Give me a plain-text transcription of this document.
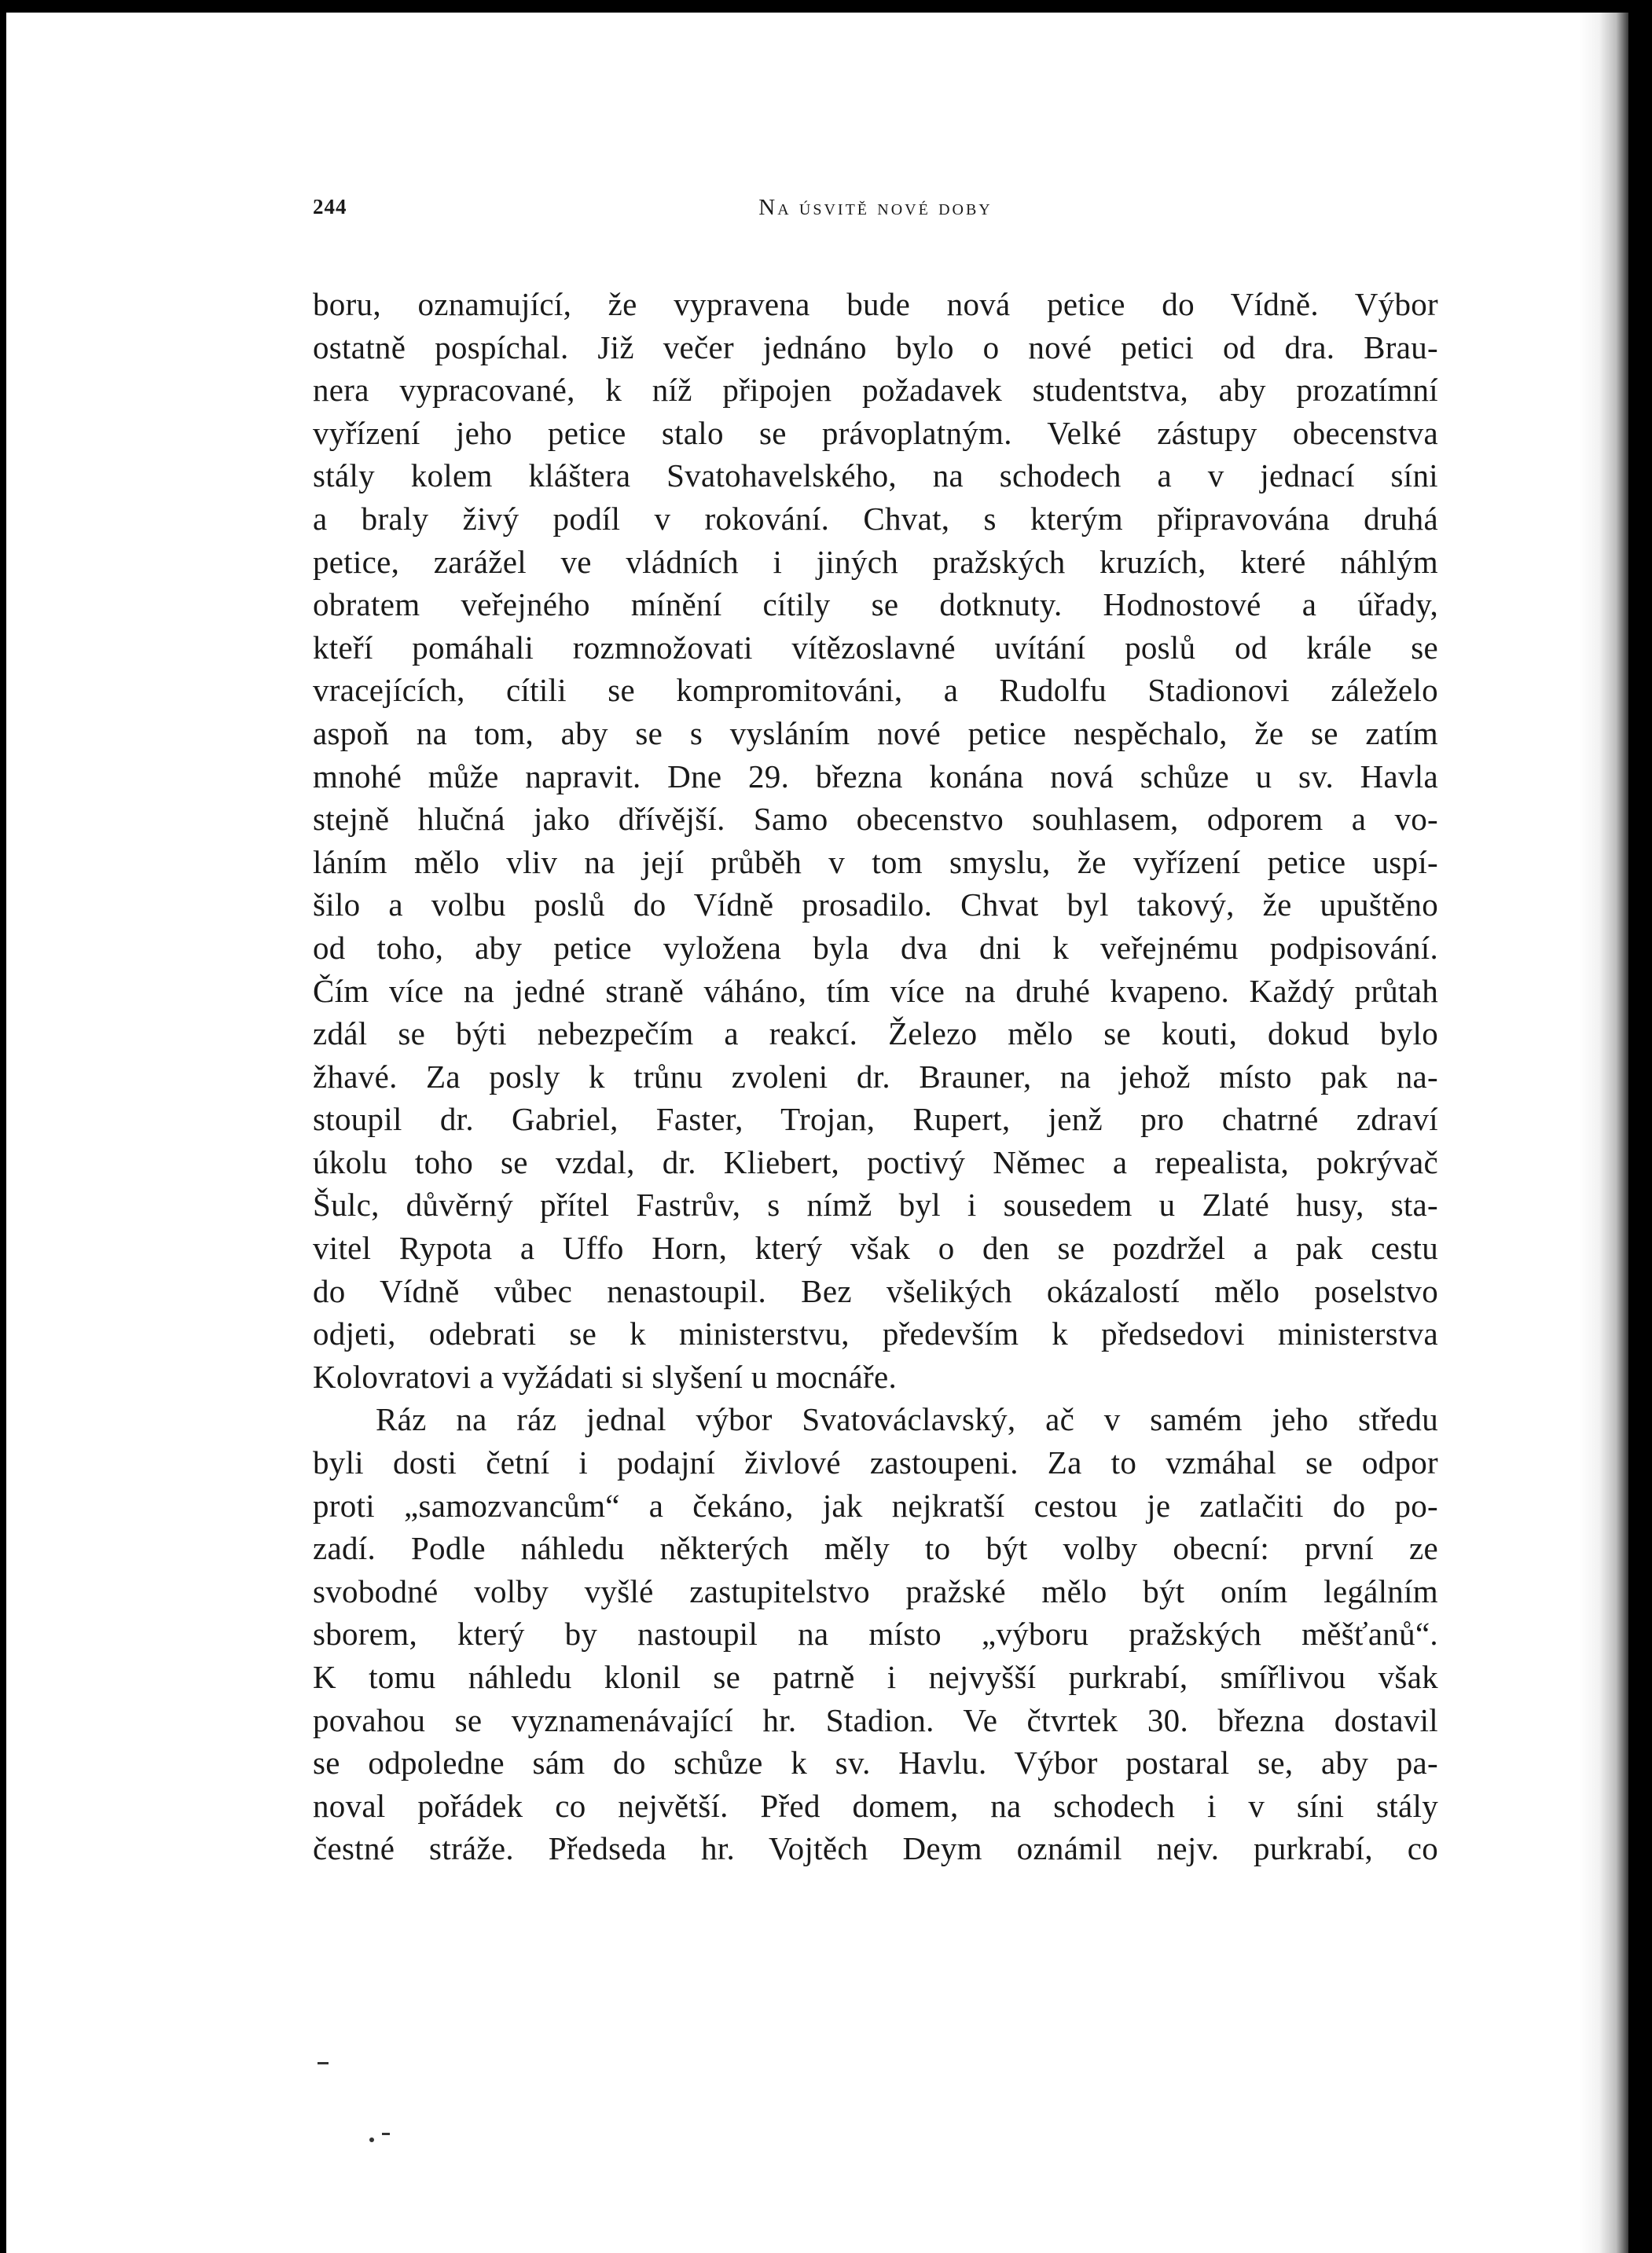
244	na úsvitě nové doby
boru, oznamující, že vypravena bude nová petice do Vídně. Výbor
ostatně pospíchal. Již večer jednáno bylo o nové petici od dra. Brau-
nera vypracované, k níž připojen požadavek studentstva, aby prozatímní
vyřízení jeho petice stalo se právoplatným. Velké zástupy obecenstva
stály kolem kláštera Svatohavelského, na schodech a v jednací síni
a braly živý podíl v rokování. Chvat, s kterým připravována druhá
petice, zarážel ve vládních i jiných pražských kruzích, které náhlým
obratem veřejného mínění cítily se dotknuty. Hodnostové a úřady,
kteří pomáhali rozmnožovati vítězoslavné uvítání poslů od krále se
vracejících, cítili se kompromitováni, a Rudolfu Stadionovi záleželo
aspoň na tom, aby se s vysláním nové petice nespěchalo, že se zatím
mnohé může napravit. Dne 29. března konána nová schůze u sv. Havla
stejně hlučná jako dřívější. Samo obecenstvo souhlasem, odporem a vo-
láním mělo vliv na její průběh v tom smyslu, že vyřízení petice uspí-
šilo a volbu poslů do Vídně prosadilo. Chvat byl takový, že upuštěno
od toho, aby petice vyložena byla dva dni k veřejnému podpisování.
Čím více na jedné straně váháno, tím více na druhé kvapeno. Každý průtah
zdál se býti nebezpečím a reakcí. Železo mělo se kouti, dokud bylo
žhavé. Za posly k trůnu zvoleni dr. Brauner, na jehož místo pak na-
stoupil dr. Gabriel, Faster, Trojan, Rupert, jenž pro chatrné zdraví
úkolu toho se vzdal, dr. Kliebert, poctivý Němec a repealista, pokrývač
Šulc, důvěrný přítel Fastrův, s nímž byl i sousedem u Zlaté husy, sta-
vitel Rypota a Uffo Horn, který však o den se pozdržel a pak cestu
do Vídně vůbec nenastoupil. Bez všelikých okázalostí mělo poselstvo
odjeti, odebrati se k ministerstvu, především k předsedovi ministerstva
Kolovratovi a vyžádati si slyšení u mocnáře.
Ráz na ráz jednal výbor Svatováclavský, ač v samém jeho středu
byli dosti četní i podajní živlové zastoupeni. Za to vzmáhal se odpor
proti „samozvancům“ a čekáno, jak nejkratší cestou je zatlačiti do po-
zadí. Podle náhledu některých měly to být volby obecní: první ze
svobodné volby vyšlé zastupitelstvo pražské mělo být oním legálním
sborem, který by nastoupil na místo „výboru pražských měšťanů“.
K tomu náhledu klonil se patrně i nejvyšší purkrabí, smířlivou však
povahou se vyznamenávající hr. Stadion. Ve čtvrtek 30. března dostavil
se odpoledne sám do schůze k sv. Havlu. Výbor postaral se, aby pa-
noval pořádek co největší. Před domem, na schodech i v síni stály
čestné stráže. Předseda hr. Vojtěch Deym oznámil nejv. purkrabí, co
